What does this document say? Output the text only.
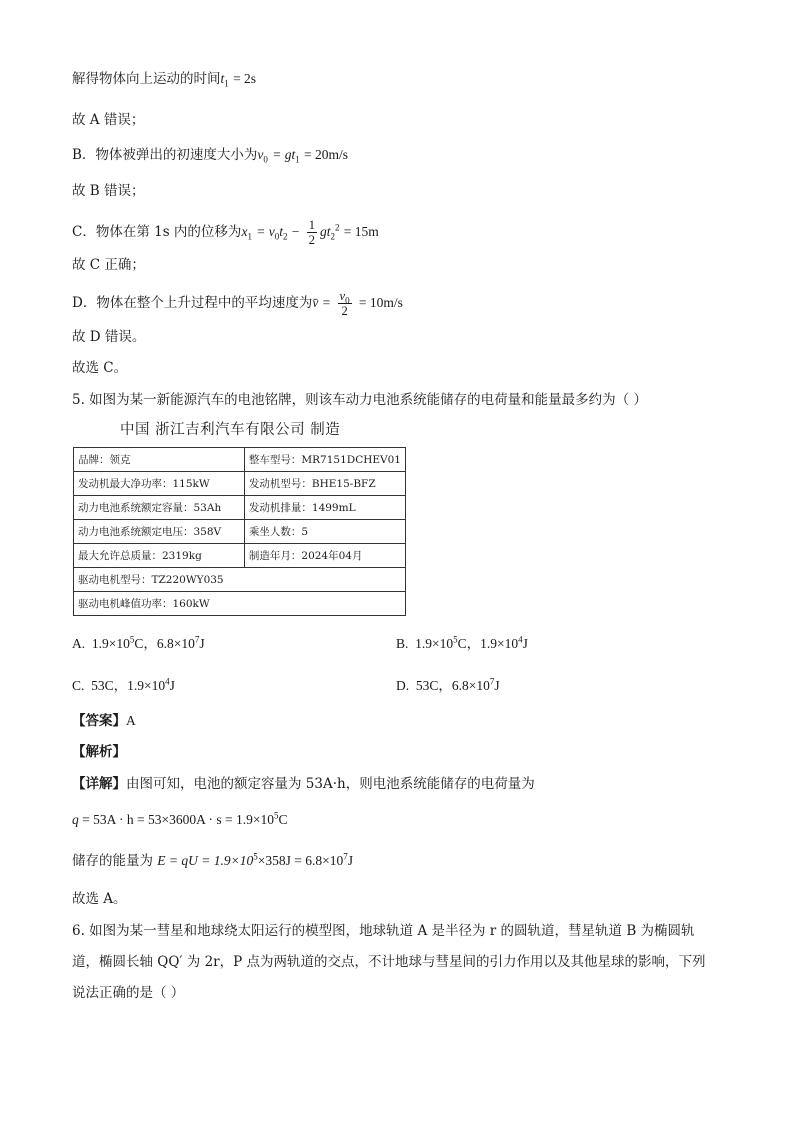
解得物体向上运动的时间$t_1 = 2s$
故 A 错误；
B．物体被弹出的初速度大小为$v_0 = gt_1 = 20m/s$
故 B 错误；
C．物体在第 1s 内的位移为$x_1 = v_0t_2 - \frac{1}{2} gt_2^2 = 15m$
故 C 正确；
D．物体在整个上升过程中的平均速度为v̄ = $\frac{v_0}{2} = 10m/s$
故 D 错误。
故选 C。
5. 如图为某一新能源汽车的电池铭牌，则该车动力电池系统能储存的电荷量和能量最多约为（ ）
中国 浙江吉利汽车有限公司 制造
品牌：领克	整车型号：MR7151DCHEV01
发动机最大净功率：115kW	发动机型号：BHE15-BFZ
动力电池系统额定容量：53Ah	发动机排量：1499mL
动力电池系统额定电压：358V	乘坐人数：5
最大允许总质量：2319kg	制造年月：2024年04月
驱动电机型号：TZ220WY035	
驱动电机峰值功率：160kW	
A. $1.9\times 10^5C$，$6.8\times 10^7J$	B. $1.9\times 10^5C$，$1.9\times 10^4J$
C. 53C，$1.9\times 10^4J$	D. 53C，$6.8\times 10^7J$
【答案】A
【解析】
【详解】由图可知，电池的额定容量为 53A·h，则电池系统能储存的电荷量为
$q = 53A \cdot h = 53\times 3600A \cdot s = 1.9\times 10^5C$
储存的能量为 E = qU = $1.9\times 10^5\times 358J = 6.8\times 10^7J$
故选 A。
6. 如图为某一彗星和地球绕太阳运行的模型图，地球轨道 A 是半径为 r 的圆轨道，彗星轨道 B 为椭圆轨
道，椭圆长轴 QQ′ 为 2r，P 点为两轨道的交点，不计地球与彗星间的引力作用以及其他星球的影响，下列
说法正确的是（ ）
